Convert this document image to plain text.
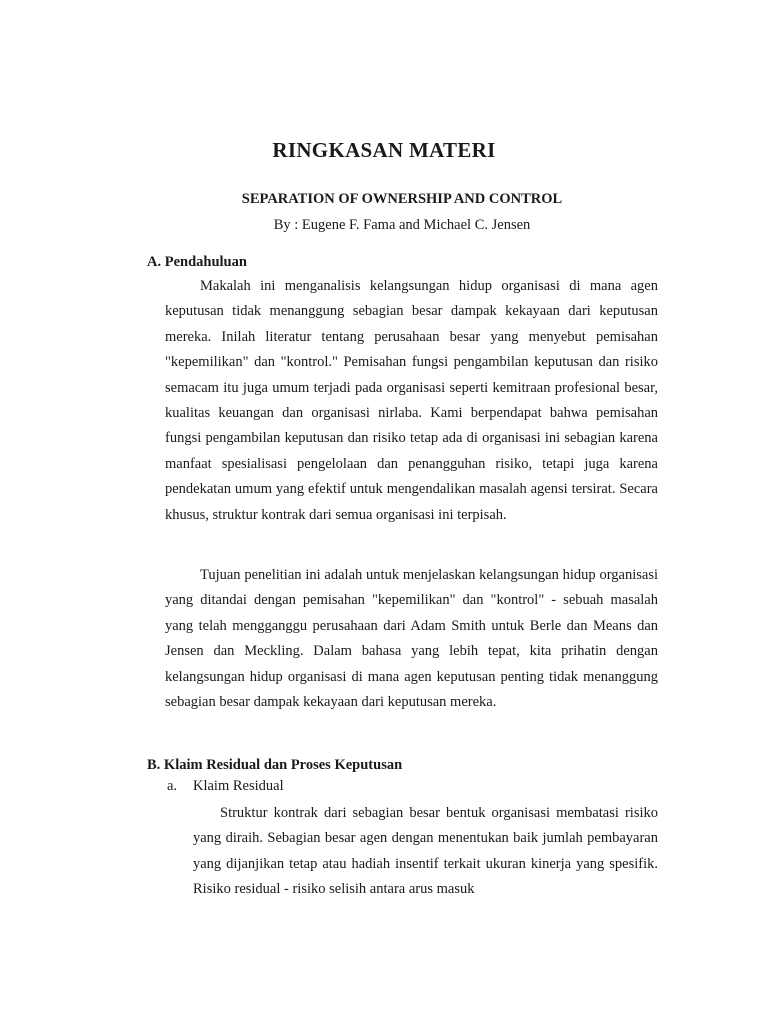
RINGKASAN MATERI
SEPARATION OF OWNERSHIP AND CONTROL

By : Eugene F. Fama and Michael C. Jensen

A. Pendahuluan

Makalah ini menganalisis kelangsungan hidup organisasi di mana agen keputusan tidak menanggung sebagian besar dampak kekayaan dari keputusan mereka. Inilah literatur tentang perusahaan besar yang menyebut pemisahan "kepemilikan" dan "kontrol." Pemisahan fungsi pengambilan keputusan dan risiko semacam itu juga umum terjadi pada organisasi seperti kemitraan profesional besar, kualitas keuangan dan organisasi nirlaba. Kami berpendapat bahwa pemisahan fungsi pengambilan keputusan dan risiko tetap ada di organisasi ini sebagian karena manfaat spesialisasi pengelolaan dan penangguhan risiko, tetapi juga karena pendekatan umum yang efektif untuk mengendalikan masalah agensi tersirat. Secara khusus, struktur kontrak dari semua organisasi ini terpisah.

Tujuan penelitian ini adalah untuk menjelaskan kelangsungan hidup organisasi yang ditandai dengan pemisahan "kepemilikan" dan "kontrol" - sebuah masalah yang telah mengganggu perusahaan dari Adam Smith untuk Berle dan Means dan Jensen dan Meckling. Dalam bahasa yang lebih tepat, kita prihatin dengan kelangsungan hidup organisasi di mana agen keputusan penting tidak menanggung sebagian besar dampak kekayaan dari keputusan mereka.

B. Klaim Residual dan Proses Keputusan
a.	Klaim Residual

Struktur kontrak dari sebagian besar bentuk organisasi membatasi risiko yang diraih. Sebagian besar agen dengan menentukan baik jumlah pembayaran yang dijanjikan tetap atau hadiah insentif terkait ukuran kinerja yang spesifik. Risiko residual - risiko selisih antara arus masuk
